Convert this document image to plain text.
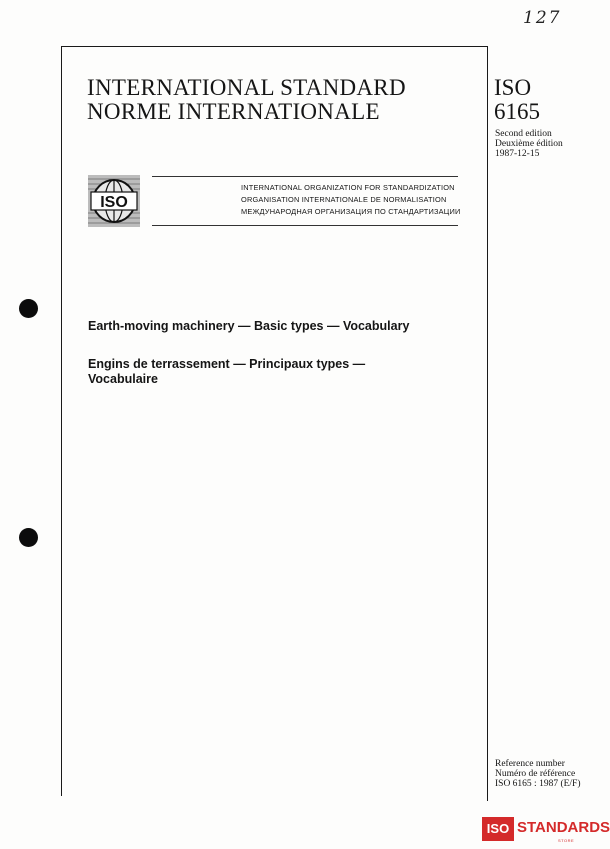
127
INTERNATIONAL STANDARD
NORME INTERNATIONALE
ISO
6165
Second edition
Deuxième édition
1987-12-15
ISO
INTERNATIONAL ORGANIZATION FOR STANDARDIZATION
ORGANISATION INTERNATIONALE DE NORMALISATION
МЕЖДУНАРОДНАЯ ОРГАНИЗАЦИЯ ПО СТАНДАРТИЗАЦИИ
Earth-moving machinery — Basic types — Vocabulary
Engins de terrassement — Principaux types —
Vocabulaire
Reference number
Numéro de référence
ISO 6165 : 1987 (E/F)
ISO STANDARDS
STORE
